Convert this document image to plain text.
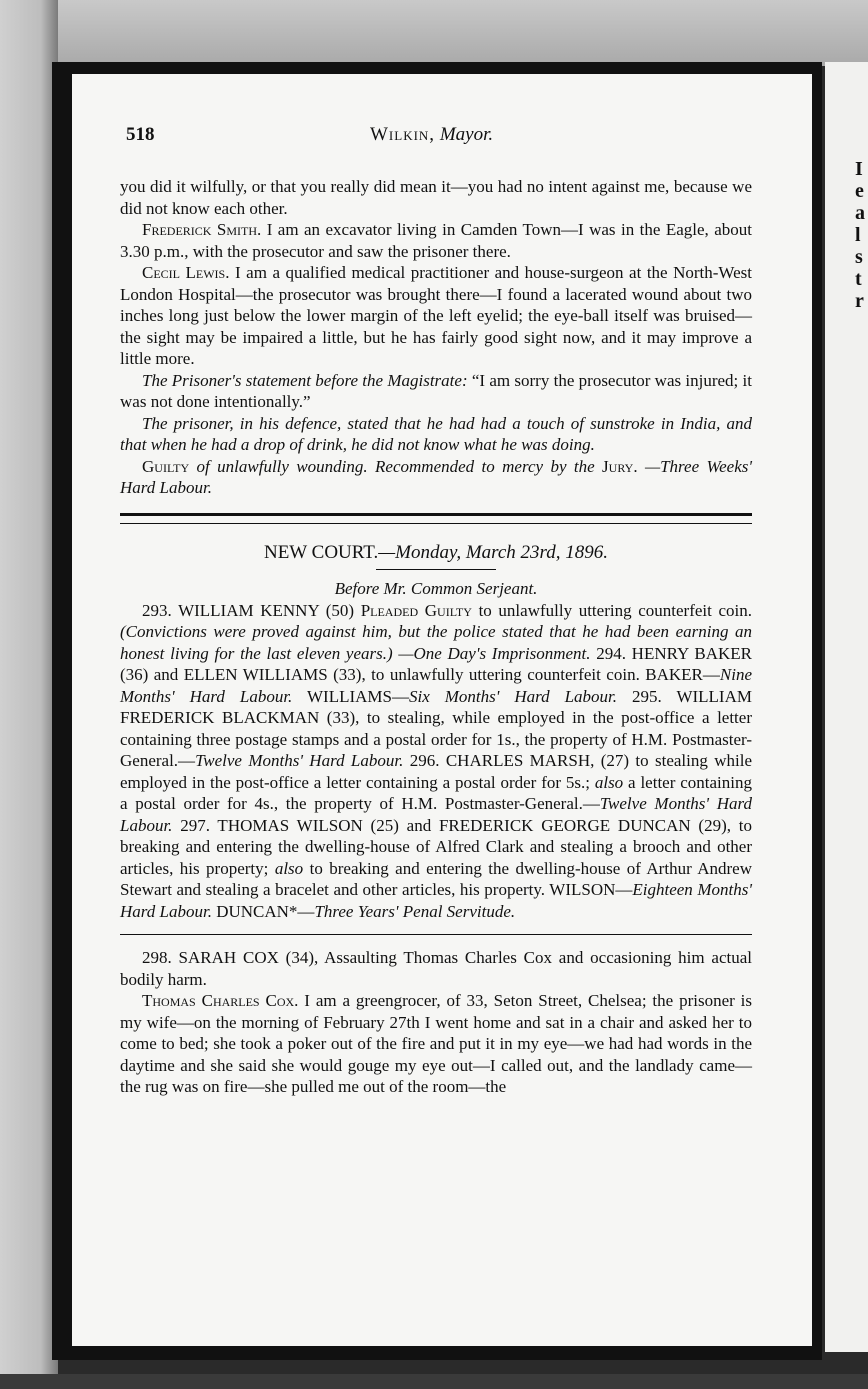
I
e
a
l
s
t
r
518	Wilkin, Mayor.

you did it wilfully, or that you really did mean it—you had no intent against me, because we did not know each other.

Frederick Smith. I am an excavator living in Camden Town—I was in the Eagle, about 3.30 p.m., with the prosecutor and saw the prisoner there.

Cecil Lewis. I am a qualified medical practitioner and house-surgeon at the North-West London Hospital—the prosecutor was brought there—I found a lacerated wound about two inches long just below the lower margin of the left eyelid; the eye-ball itself was bruised—the sight may be impaired a little, but he has fairly good sight now, and it may improve a little more.

The Prisoner's statement before the Magistrate: “I am sorry the prosecutor was injured; it was not done intentionally.”

The prisoner, in his defence, stated that he had had a touch of sunstroke in India, and that when he had a drop of drink, he did not know what he was doing.

Guilty of unlawfully wounding. Recommended to mercy by the Jury. —Three Weeks' Hard Labour.

NEW COURT.—Monday, March 23rd, 1896.
Before Mr. Common Serjeant.

293. WILLIAM KENNY (50) Pleaded Guilty to unlawfully uttering counterfeit coin. (Convictions were proved against him, but the police stated that he had been earning an honest living for the last eleven years.) —One Day's Imprisonment. 294. HENRY BAKER (36) and ELLEN WILLIAMS (33), to unlawfully uttering counterfeit coin. BAKER—Nine Months' Hard Labour. WILLIAMS—Six Months' Hard Labour. 295. WILLIAM FREDERICK BLACKMAN (33), to stealing, while employed in the post-office a letter containing three postage stamps and a postal order for 1s., the property of H.M. Postmaster-General.—Twelve Months' Hard Labour. 296. CHARLES MARSH, (27) to stealing while employed in the post-office a letter containing a postal order for 5s.; also a letter containing a postal order for 4s., the property of H.M. Postmaster-General.—Twelve Months' Hard Labour. 297. THOMAS WILSON (25) and FREDERICK GEORGE DUNCAN (29), to breaking and entering the dwelling-house of Alfred Clark and stealing a brooch and other articles, his property; also to breaking and entering the dwelling-house of Arthur Andrew Stewart and stealing a bracelet and other articles, his property. WILSON—Eighteen Months' Hard Labour. DUNCAN*—Three Years' Penal Servitude.

298. SARAH COX (34), Assaulting Thomas Charles Cox and occasioning him actual bodily harm.

Thomas Charles Cox. I am a greengrocer, of 33, Seton Street, Chelsea; the prisoner is my wife—on the morning of February 27th I went home and sat in a chair and asked her to come to bed; she took a poker out of the fire and put it in my eye—we had had words in the daytime and she said she would gouge my eye out—I called out, and the landlady came—the rug was on fire—she pulled me out of the room—the
